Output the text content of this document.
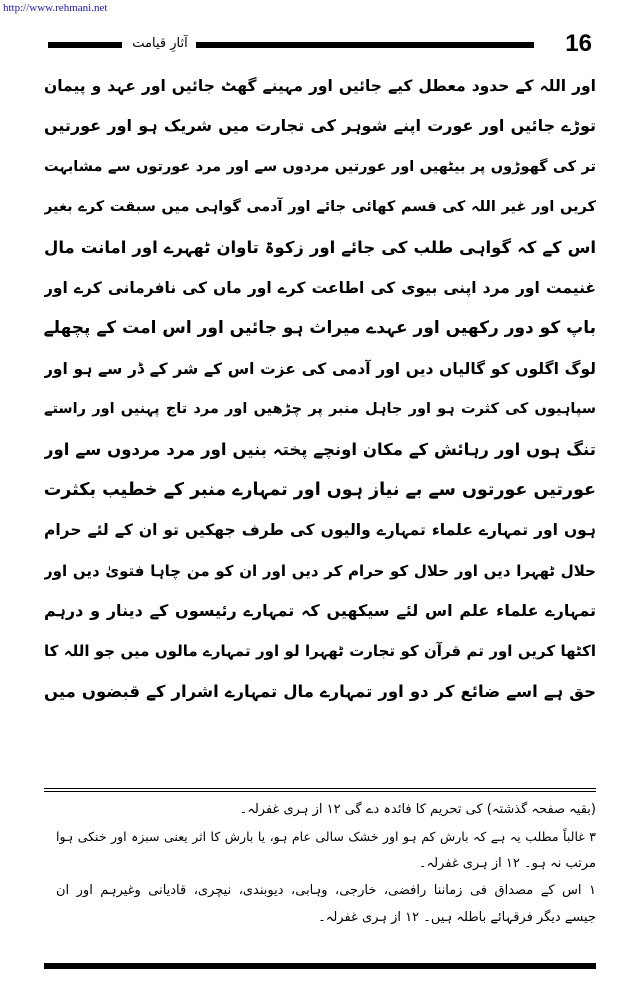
http://www.rehmani.net
آثارِ قیامت	16
اور اللہ کے حدود معطل کیے جائیں اور مہینے گھٹ جائیں اور عہد و پیمان
توڑے جائیں اور عورت اپنے شوہر کی تجارت میں شریک ہو اور عورتیں
تر کی گھوڑوں پر بیٹھیں اور عورتیں مردوں سے اور مرد عورتوں سے مشابہت
کریں اور غیر اللہ کی قسم کھائی جائے اور آدمی گواہی میں سبقت کرے بغیر
اس کے کہ گواہی طلب کی جائے اور زکوۃ تاوان ٹھہرے اور امانت مال
غنیمت اور مرد اپنی بیوی کی اطاعت کرے اور ماں کی نافرمانی کرے اور
باپ کو دور رکھیں اور عہدے میراث ہو جائیں اور اس امت کے پچھلے
لوگ اگلوں کو گالیاں دیں اور آدمی کی عزت اس کے شر کے ڈر سے ہو اور
سپاہیوں کی کثرت ہو اور جاہل منبر پر چڑھیں اور مرد تاج پہنیں اور راستے
تنگ ہوں اور رہائش کے مکان اونچے پختہ بنیں اور مرد مردوں سے اور
عورتیں عورتوں سے بے نیاز ہوں اور تمہارے منبر کے خطیب بکثرت
ہوں اور تمہارے علماء تمہارے والیوں کی طرف جھکیں تو ان کے لئے حرام
حلال ٹھہرا دیں اور حلال کو حرام کر دیں اور ان کو من چاہا فتویٰ دیں اور
تمہارے علماء علم اس لئے سیکھیں کہ تمہارے رئیسوں کے دینار و درہم
اکٹھا کریں اور تم قرآن کو تجارت ٹھہرا لو اور تمہارے مالوں میں جو اللہ کا
حق ہے اسے ضائع کر دو اور تمہارے مال تمہارے اشرار کے قبضوں میں
(بقیہ صفحہ گذشتہ) کی تحریم کا فائدہ دے گی ۱۲ از ہری غفرلہ۔
۳ غالباً مطلب یہ ہے کہ بارش کم ہو اور خشک سالی عام ہو، یا بارش کا اثر یعنی سبزہ اور خنکی ہوا
مرتب نہ ہو۔ ۱۲ از ہری غفرلہ۔
۱ اس کے مصداق فی زماننا رافضی، خارجی، وہابی، دیوبندی، نیچری، قادیانی وغیرہم اور ان
جیسے دیگر فرقہائے باطلہ ہیں۔ ۱۲ از ہری غفرلہ۔
